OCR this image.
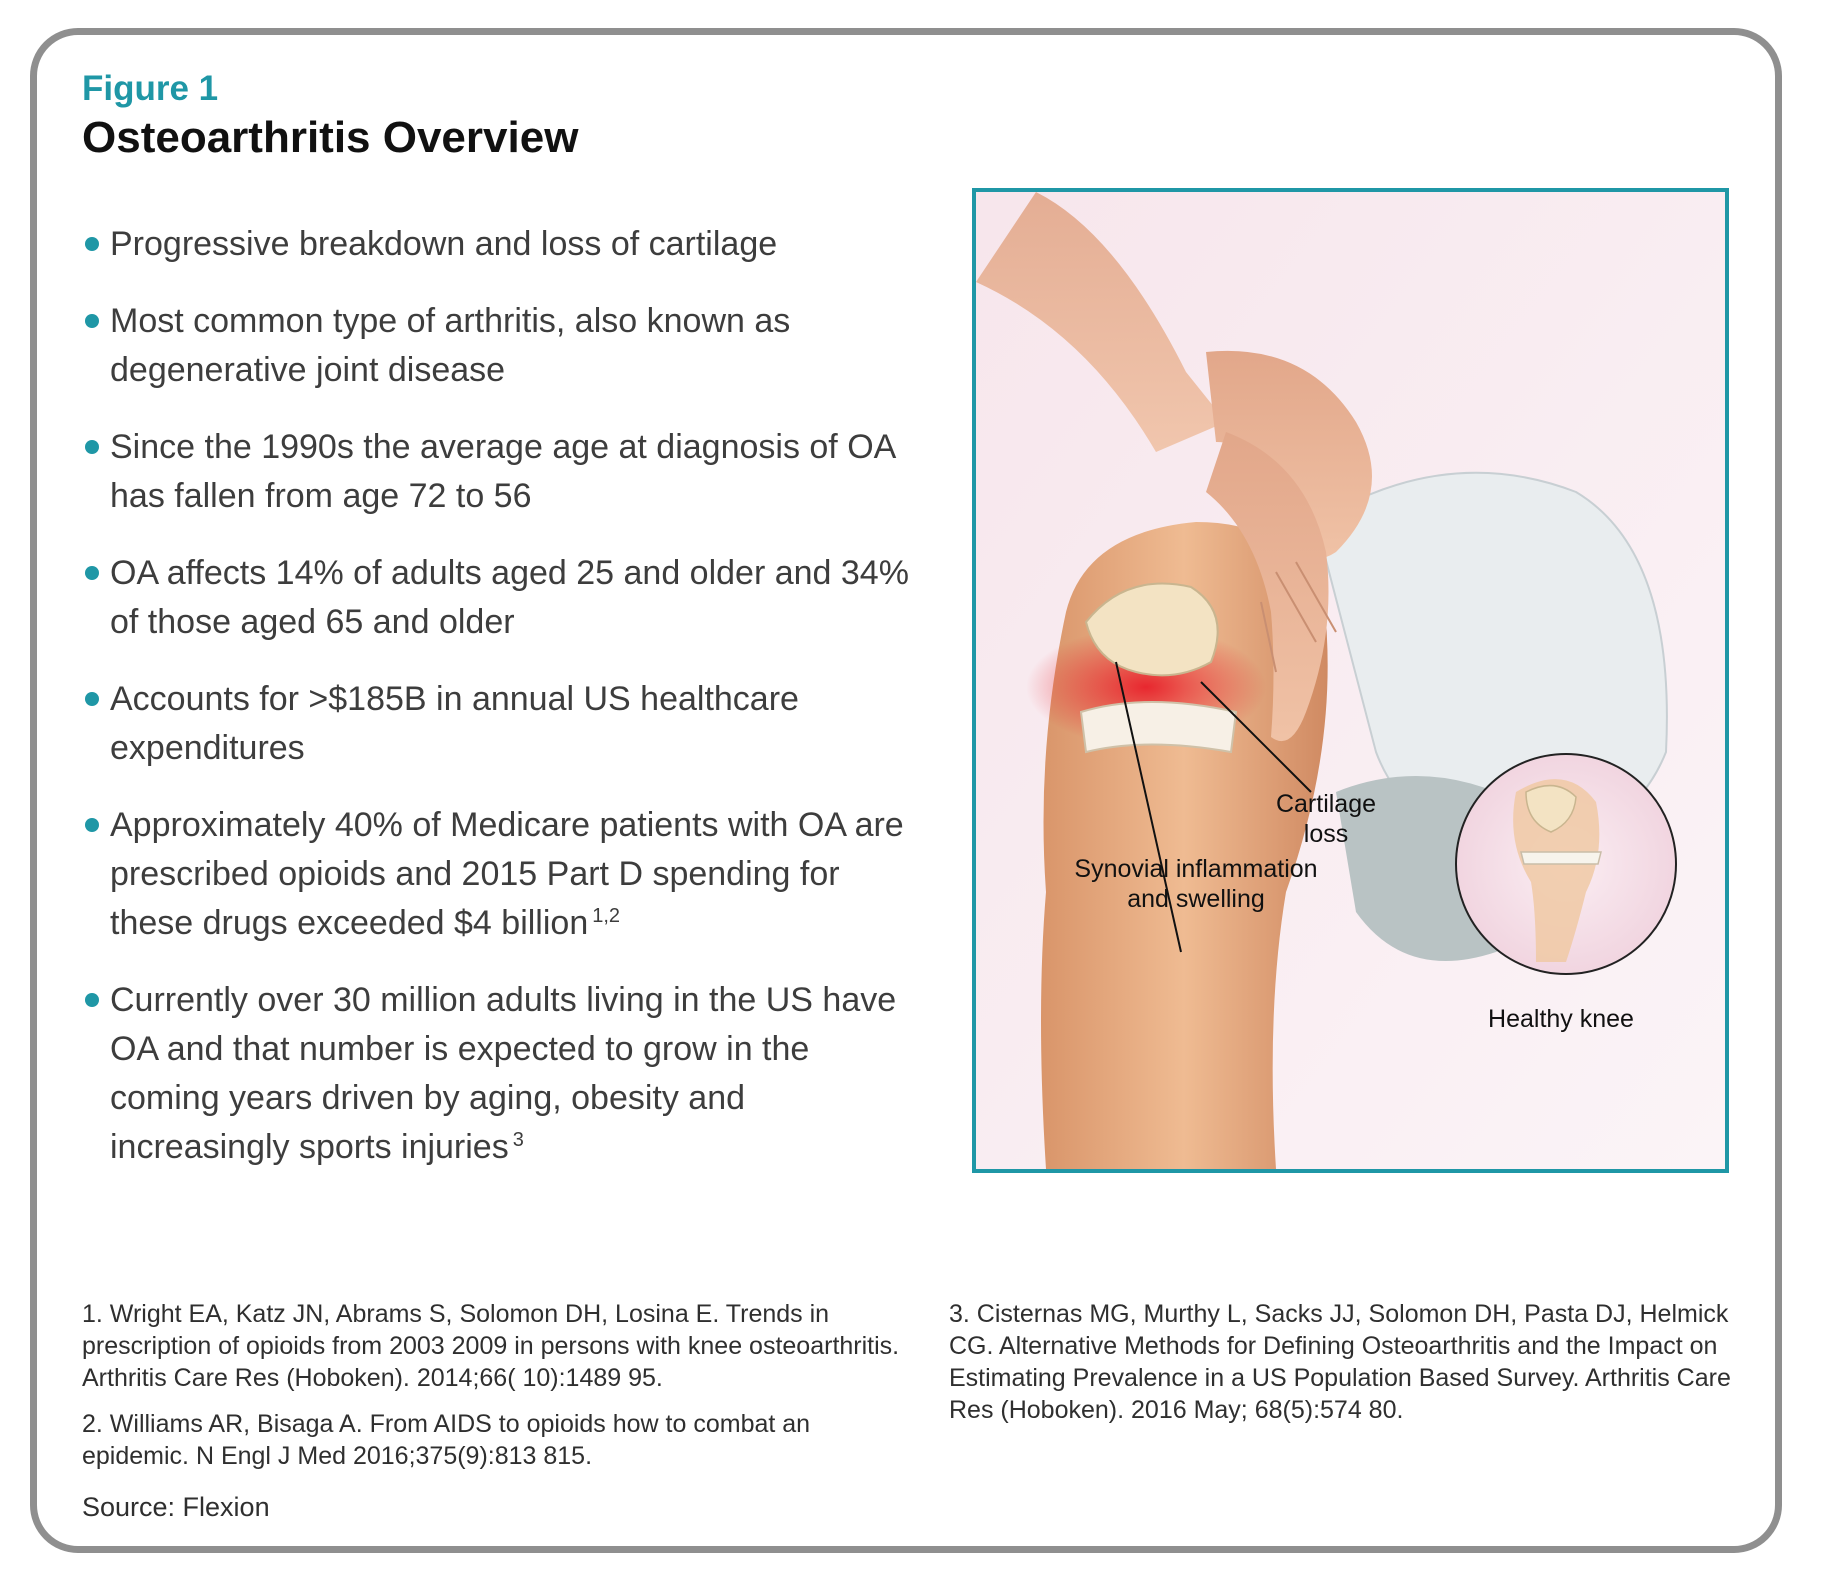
Figure 1
Osteoarthritis Overview
Progressive breakdown and loss of cartilage
Most common type of arthritis, also known as degenerative joint disease
Since the 1990s the average age at diagnosis of OA has fallen from age 72 to 56
OA affects 14% of adults aged 25 and older and 34% of those aged 65 and older
Accounts for >$185B in annual US healthcare expenditures
Approximately 40% of Medicare patients with OA are prescribed opioids and 2015 Part D spending for these drugs exceeded $4 billion $^{1,2}$
Currently over 30 million adults living in the US have OA and that number is expected to grow in the coming years driven by aging, obesity and increasingly sports injuries $^3$
Cartilage
loss
Synovial inflammation
and swelling
Healthy knee

1. Wright EA, Katz JN, Abrams S, Solomon DH, Losina E. Trends in prescription of opioids from 2003 2009 in persons with knee osteoarthritis. Arthritis Care Res (Hoboken). 2014;66( 10):1489 95.

2. Williams AR, Bisaga A. From AIDS to opioids how to combat an epidemic. N Engl J Med 2016;375(9):813 815.

Source: Flexion

3. Cisternas MG, Murthy L, Sacks JJ, Solomon DH, Pasta DJ, Helmick CG. Alternative Methods for Defining Osteoarthritis and the Impact on Estimating Prevalence in a US Population Based Survey. Arthritis Care Res (Hoboken). 2016 May; 68(5):574 80.
